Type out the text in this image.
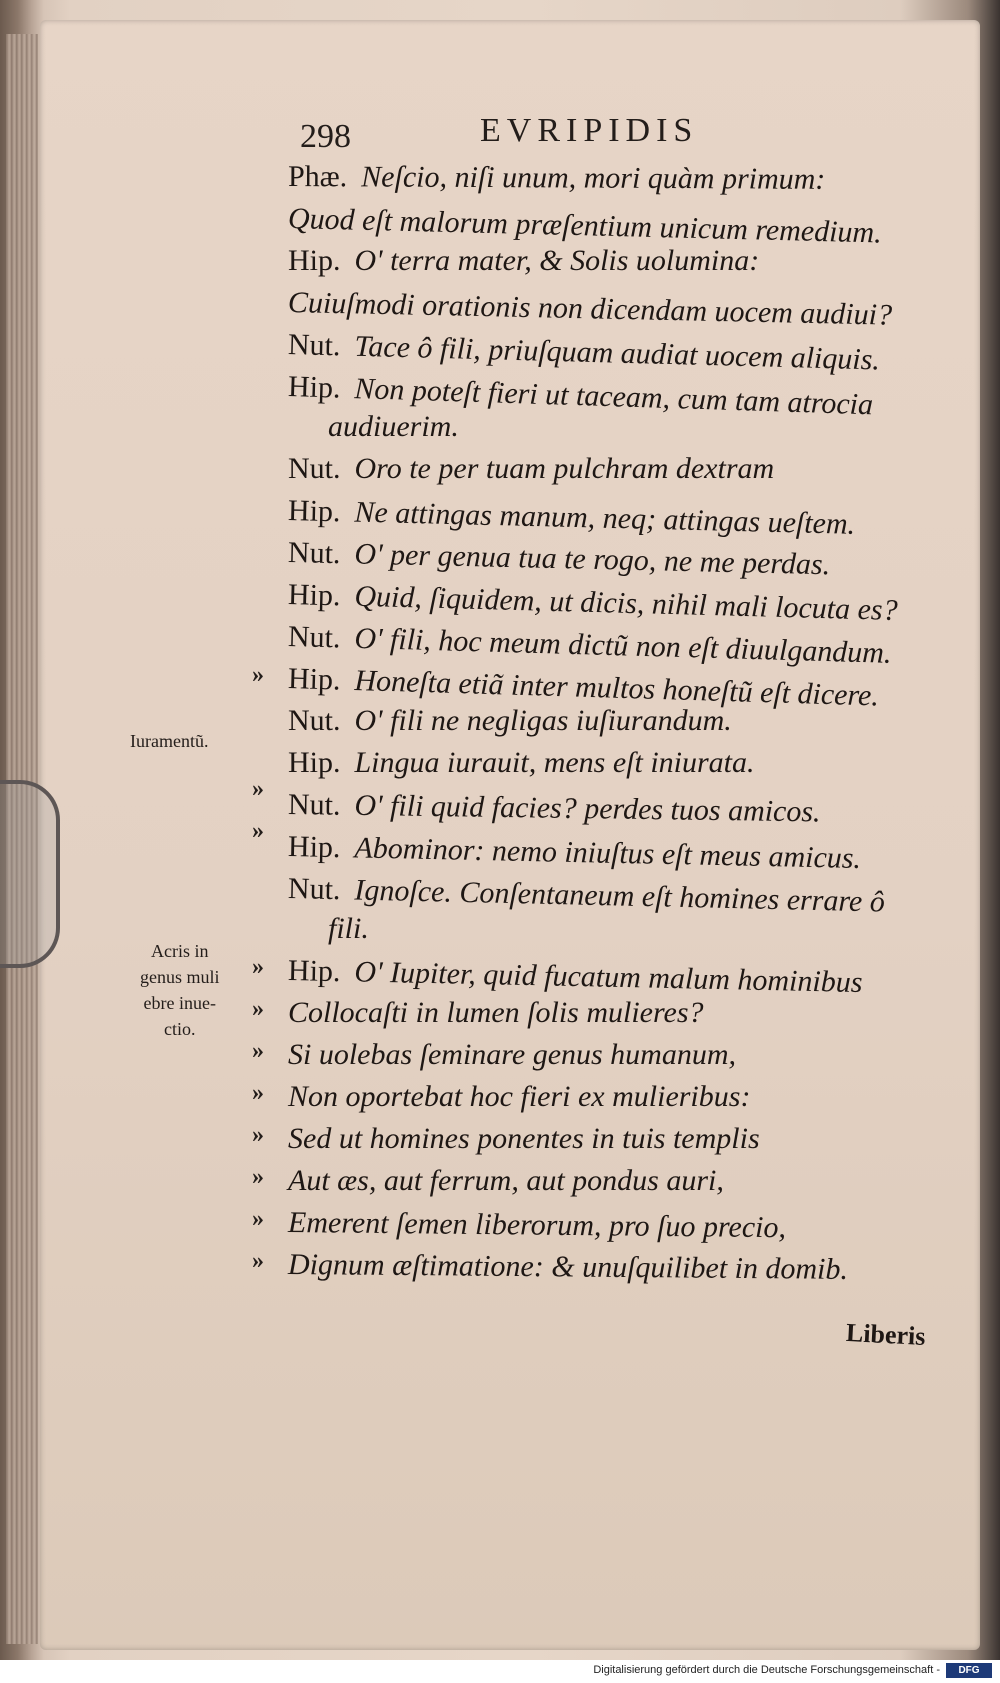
298	EVRIPIDIS
Phæ. Neſcio, niſi unum, mori quàm primum:
Quod eſt malorum præſentium unicum remedium.
Hip. O' terra mater, & Solis uolumina:
Cuiuſmodi orationis non dicendam uocem audiui?
Nut. Tace ô fili, priuſquam audiat uocem aliquis.
Hip. Non poteſt fieri ut taceam, cum tam atrocia
audiuerim.
Nut. Oro te per tuam pulchram dextram
Hip. Ne attingas manum, neq; attingas ueſtem.
Nut. O' per genua tua te rogo, ne me perdas.
Hip. Quid, ſiquidem, ut dicis, nihil mali locuta es?
Nut. O' fili, hoc meum dictũ non eſt diuulgandum.
Hip. Honeſta etiã inter multos honeſtũ eſt dicere.
Nut. O' fili ne negligas iuſiurandum.
Hip. Lingua iurauit, mens eſt iniurata.
Nut. O' fili quid facies? perdes tuos amicos.
Hip. Abominor: nemo iniuſtus eſt meus amicus.
Nut. Ignoſce. Conſentaneum eſt homines errare ô
fili.
Hip. O' Iupiter, quid fucatum malum hominibus
Collocaſti in lumen ſolis mulieres?
Si uolebas ſeminare genus humanum,
Non oportebat hoc fieri ex mulieribus:
Sed ut homines ponentes in tuis templis
Aut æs, aut ferrum, aut pondus auri,
Emerent ſemen liberorum, pro ſuo precio,
Dignum æſtimatione: & unuſquilibet in domib.
»
»
»
»
»
»
»
»
»
»
»
Iuramentũ.
Acris in
genus muli
ebre inue-
ctio.
Liberis
Digitalisierung gefördert durch die Deutsche Forschungsgemeinschaft -	DFG
